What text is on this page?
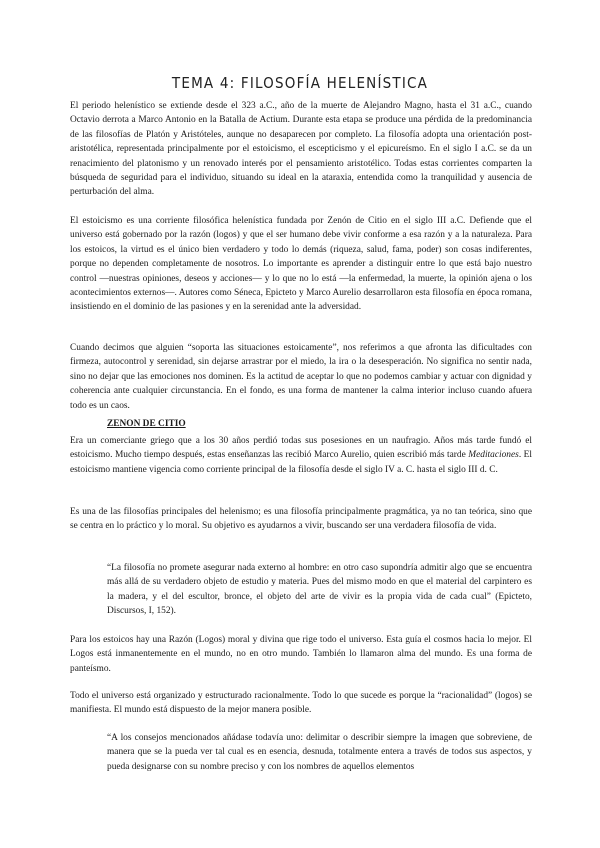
TEMA 4: FILOSOFÍA HELENÍSTICA

El periodo helenístico se extiende desde el 323 a.C., año de la muerte de Alejandro Magno, hasta el 31 a.C., cuando Octavio derrota a Marco Antonio en la Batalla de Actium. Durante esta etapa se produce una pérdida de la predominancia de las filosofías de Platón y Aristóteles, aunque no desaparecen por completo. La filosofía adopta una orientación post-aristotélica, representada principalmente por el estoicismo, el escepticismo y el epicureísmo. En el siglo I a.C. se da un renacimiento del platonismo y un renovado interés por el pensamiento aristotélico. Todas estas corrientes comparten la búsqueda de seguridad para el individuo, situando su ideal en la ataraxia, entendida como la tranquilidad y ausencia de perturbación del alma.

El estoicismo es una corriente filosófica helenística fundada por Zenón de Citio en el siglo III a.C. Defiende que el universo está gobernado por la razón (logos) y que el ser humano debe vivir conforme a esa razón y a la naturaleza. Para los estoicos, la virtud es el único bien verdadero y todo lo demás (riqueza, salud, fama, poder) son cosas indiferentes, porque no dependen completamente de nosotros. Lo importante es aprender a distinguir entre lo que está bajo nuestro control —nuestras opiniones, deseos y acciones— y lo que no lo está —la enfermedad, la muerte, la opinión ajena o los acontecimientos externos—. Autores como Séneca, Epicteto y Marco Aurelio desarrollaron esta filosofía en época romana, insistiendo en el dominio de las pasiones y en la serenidad ante la adversidad.

Cuando decimos que alguien “soporta las situaciones estoicamente”, nos referimos a que afronta las dificultades con firmeza, autocontrol y serenidad, sin dejarse arrastrar por el miedo, la ira o la desesperación. No significa no sentir nada, sino no dejar que las emociones nos dominen. Es la actitud de aceptar lo que no podemos cambiar y actuar con dignidad y coherencia ante cualquier circunstancia. En el fondo, es una forma de mantener la calma interior incluso cuando afuera todo es un caos.

ZENON DE CITIO

Era un comerciante griego que a los 30 años perdió todas sus posesiones en un naufragio. Años más tarde fundó el estoicismo. Mucho tiempo después, estas enseñanzas las recibió Marco Aurelio, quien escribió más tarde Meditaciones. El estoicismo mantiene vigencia como corriente principal de la filosofía desde el siglo IV a. C. hasta el siglo III d. C.

Es una de las filosofías principales del helenismo; es una filosofía principalmente pragmática, ya no tan teórica, sino que se centra en lo práctico y lo moral. Su objetivo es ayudarnos a vivir, buscando ser una verdadera filosofía de vida.

“La filosofía no promete asegurar nada externo al hombre: en otro caso supondría admitir algo que se encuentra más allá de su verdadero objeto de estudio y materia. Pues del mismo modo en que el material del carpintero es la madera, y el del escultor, bronce, el objeto del arte de vivir es la propia vida de cada cual” (Epicteto, Discursos, I, 152).

Para los estoicos hay una Razón (Logos) moral y divina que rige todo el universo. Esta guía el cosmos hacia lo mejor. El Logos está inmanentemente en el mundo, no en otro mundo. También lo llamaron alma del mundo. Es una forma de panteísmo.

Todo el universo está organizado y estructurado racionalmente. Todo lo que sucede es porque la “racionalidad” (logos) se manifiesta. El mundo está dispuesto de la mejor manera posible.

“A los consejos mencionados añádase todavía uno: delimitar o describir siempre la imagen que sobreviene, de manera que se la pueda ver tal cual es en esencia, desnuda, totalmente entera a través de todos sus aspectos, y pueda designarse con su nombre preciso y con los nombres de aquellos elementos
